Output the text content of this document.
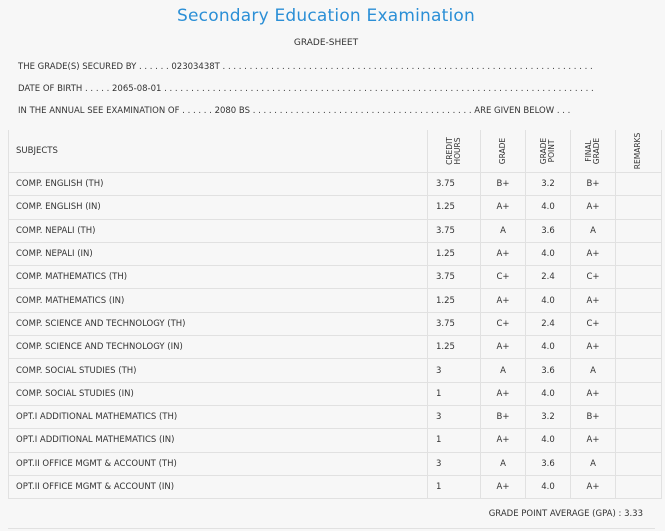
Secondary Education Examination
GRADE-SHEET
THE GRADE(S) SECURED BY . . . . . . 02303438T . . . . . . . . . . . . . . . . . . . . . . . . . . . . . . . . . . . . . . . . . . . . . . . . . . . . . . . . . . . . . . . . . . . . .
DATE OF BIRTH . . . . . 2065-08-01 . . . . . . . . . . . . . . . . . . . . . . . . . . . . . . . . . . . . . . . . . . . . . . . . . . . . . . . . . . . . . . . . . . . . . . . . . . . . . . . .
IN THE ANNUAL SEE EXAMINATION OF . . . . . . 2080 BS . . . . . . . . . . . . . . . . . . . . . . . . . . . . . . . . . . . . . . . . . ARE GIVEN BELOW . . .
SUBJECTS	CREDIT HOURS	GRADE	GRADE POINT	FINAL GRADE	REMARKS
COMP. ENGLISH (TH)	3.75	B+	3.2	B+	
COMP. ENGLISH (IN)	1.25	A+	4.0	A+	
COMP. NEPALI (TH)	3.75	A	3.6	A	
COMP. NEPALI (IN)	1.25	A+	4.0	A+	
COMP. MATHEMATICS (TH)	3.75	C+	2.4	C+	
COMP. MATHEMATICS (IN)	1.25	A+	4.0	A+	
COMP. SCIENCE AND TECHNOLOGY (TH)	3.75	C+	2.4	C+	
COMP. SCIENCE AND TECHNOLOGY (IN)	1.25	A+	4.0	A+	
COMP. SOCIAL STUDIES (TH)	3	A	3.6	A	
COMP. SOCIAL STUDIES (IN)	1	A+	4.0	A+	
OPT.I ADDITIONAL MATHEMATICS (TH)	3	B+	3.2	B+	
OPT.I ADDITIONAL MATHEMATICS (IN)	1	A+	4.0	A+	
OPT.II OFFICE MGMT & ACCOUNT (TH)	3	A	3.6	A	
OPT.II OFFICE MGMT & ACCOUNT (IN)	1	A+	4.0	A+	
GRADE POINT AVERAGE (GPA) : 3.33
